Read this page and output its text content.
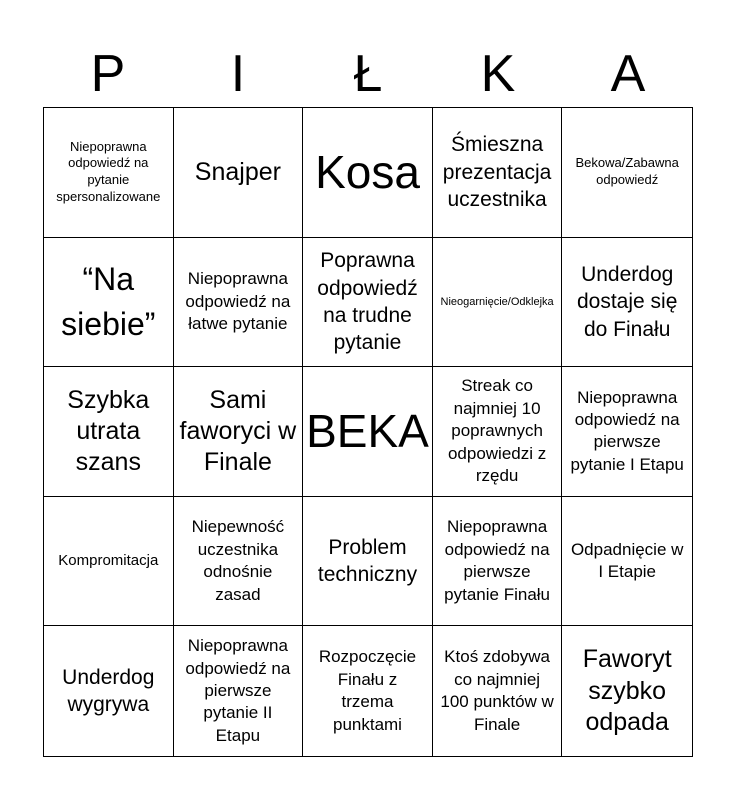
P	I	Ł	K	A
Niepoprawna odpowiedź na pytanie spersonalizowane
Snajper Kosa
Śmieszna prezentacja uczestnika
Bekowa/Zabawna odpowiedź
“Na siebie”
Niepoprawna odpowiedź na łatwe pytanie
Poprawna odpowiedź na trudne pytanie
Nieogarnięcie/Odklejka
Underdog dostaje się do Finału
Szybka utrata szans
Sami faworyci w Finale
BEKA
Streak co najmniej 10 poprawnych odpowiedzi z rzędu
Niepoprawna odpowiedź na pierwsze pytanie I Etapu
Kompromitacja
Niepewność uczestnika odnośnie zasad
Problem techniczny
Niepoprawna odpowiedź na pierwsze pytanie Finału
Odpadnięcie w I Etapie
Underdog wygrywa
Niepoprawna odpowiedź na pierwsze pytanie II Etapu
Rozpoczęcie Finału z trzema punktami
Ktoś zdobywa co najmniej 100 punktów w Finale
Faworyt szybko odpada
